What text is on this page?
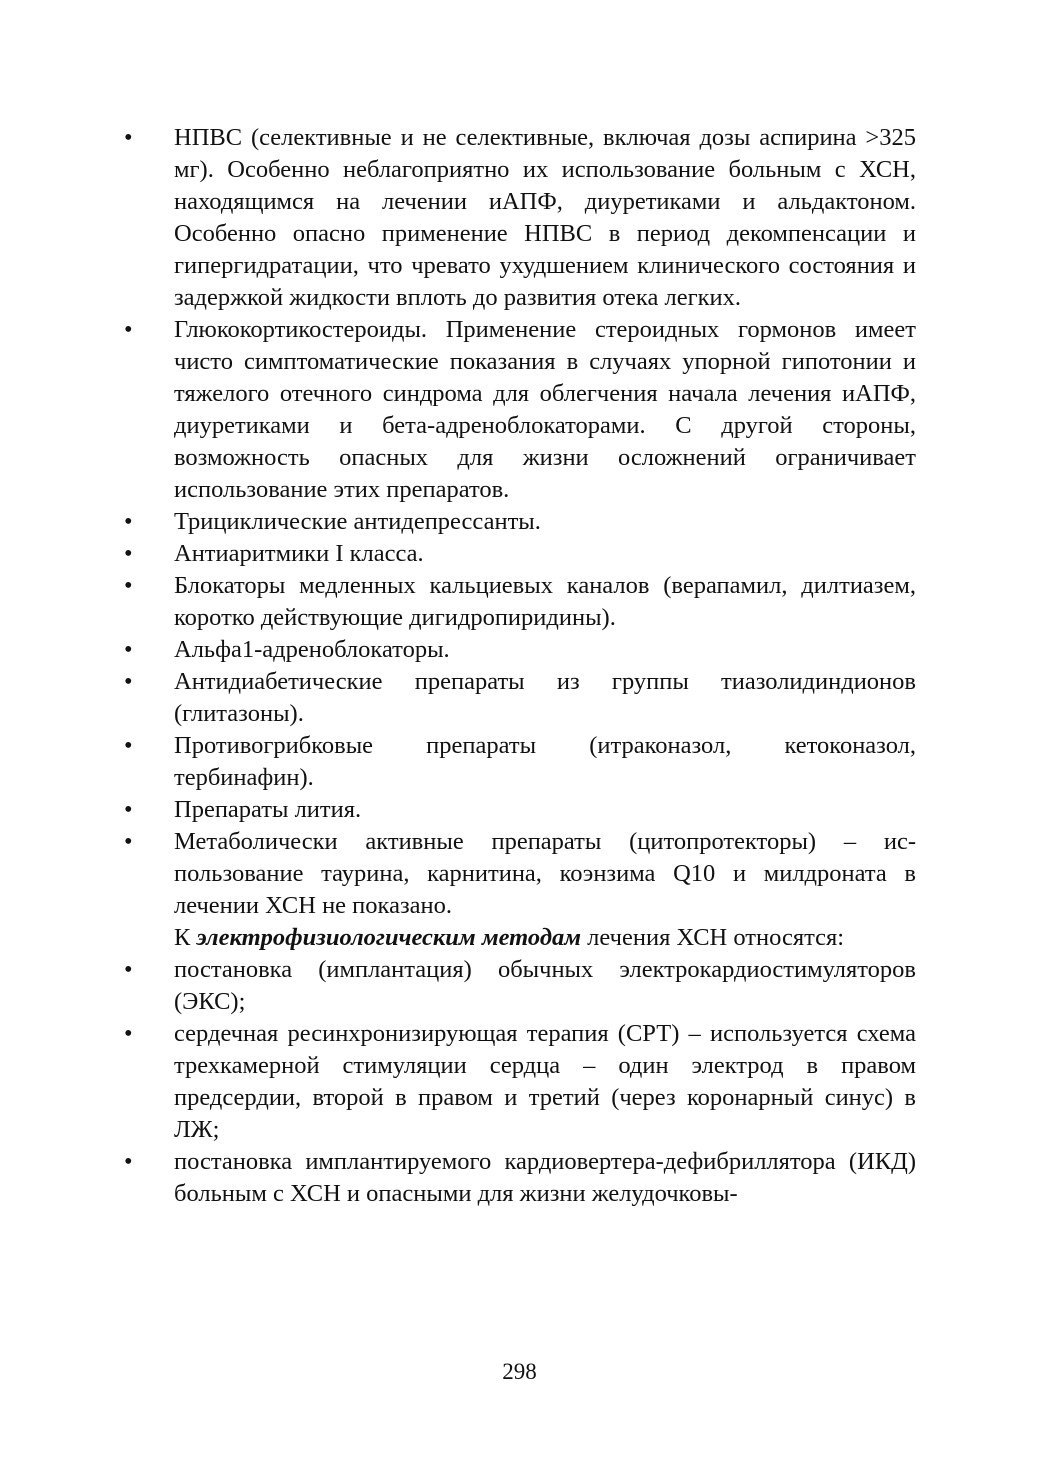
•	НПВС (селективные и не селективные, включая дозы аспирина >325 мг). Особенно неблагоприятно их использование больным с ХСН, находящимся на лечении иАПФ, диуретиками и альдактоном. Особенно опасно применение НПВС в период декомпенсации и гипергидратации, что чревато ухудшением клинического состояния и задержкой жидкости вплоть до развития отека легких.
•	Глюкокортикостероиды. Применение стероидных гормонов имеет чисто симптоматические показания в случаях упорной гипотонии и тяжелого отечного синдрома для облегчения начала лечения иАПФ, диуретиками и бета-адреноблокаторами. С другой стороны, возможность опасных для жизни осложнений ограничивает использование этих препаратов.
•	Трициклические антидепрессанты.
•	Антиаритмики I класса.
•	Блокаторы медленных кальциевых каналов (верапамил, дилтиазем, коротко действующие дигидропиридины).
•	Альфа1-адреноблокаторы.
•	Антидиабетические препараты из группы тиазолидиндионов (глитазоны).
•	Противогрибковые препараты (итраконазол, кетоконазол, тербинафин).
•	Препараты лития.
•	Метаболически активные препараты (цитопротекторы) – использование таурина, карнитина, коэнзима Q10 и милдроната в лечении ХСН не показано.

К электрофизиологическим методам лечения ХСН относятся:

•	постановка (имплантация) обычных электрокардиостимуляторов (ЭКС);
•	сердечная ресинхронизирующая терапия (СРТ) – используется схема трехкамерной стимуляции сердца – один электрод в правом предсердии, второй в правом и третий (через коронарный синус) в ЛЖ;
•	постановка имплантируемого кардиовертера-дефибриллятора (ИКД) больным с ХСН и опасными для жизни желудочковы-
298
